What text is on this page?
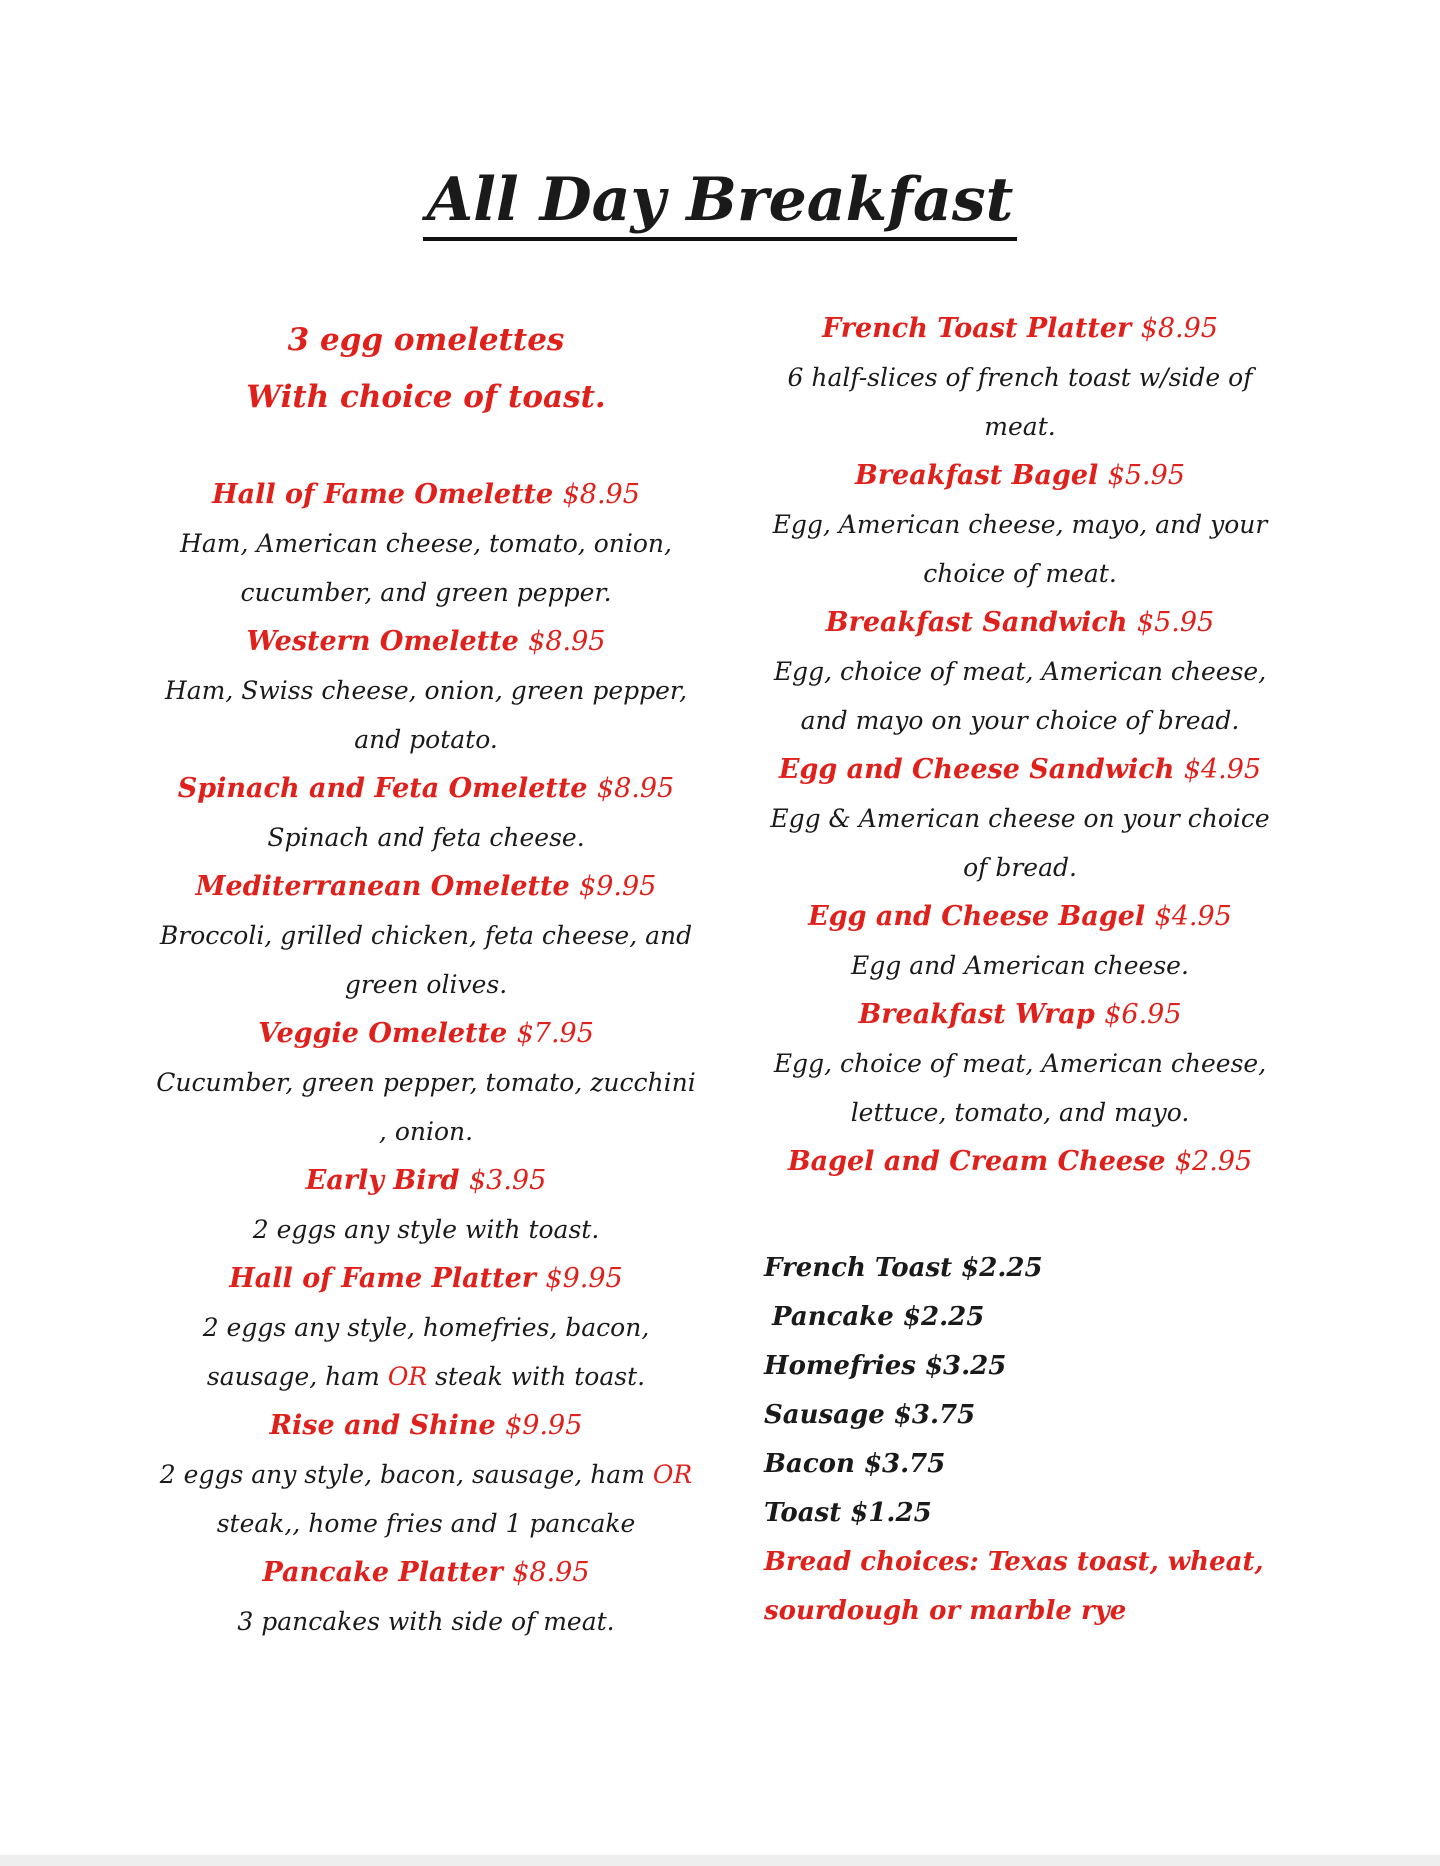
All Day Breakfast

3 egg omelettes

With choice of toast.

Hall of Fame Omelette $8.95

Ham, American cheese, tomato, onion, cucumber, and green pepper.

Western Omelette $8.95

Ham, Swiss cheese, onion, green pepper, and potato.

Spinach and Feta Omelette $8.95

Spinach and feta cheese.

Mediterranean Omelette $9.95

Broccoli, grilled chicken, feta cheese, and green olives.

Veggie Omelette $7.95

Cucumber, green pepper, tomato, zucchini , onion.

Early Bird $3.95

2 eggs any style with toast.

Hall of Fame Platter $9.95

2 eggs any style, homefries, bacon, sausage, ham OR steak with toast.

Rise and Shine $9.95

2 eggs any style, bacon, sausage, ham OR steak,, home fries and 1 pancake

Pancake Platter $8.95

3 pancakes with side of meat.

French Toast Platter $8.95

6 half-slices of french toast w/side of meat.

Breakfast Bagel $5.95

Egg, American cheese, mayo, and your choice of meat.

Breakfast Sandwich $5.95

Egg, choice of meat, American cheese, and mayo on your choice of bread.

Egg and Cheese Sandwich $4.95

Egg & American cheese on your choice of bread.

Egg and Cheese Bagel $4.95

Egg and American cheese.

Breakfast Wrap $6.95

Egg, choice of meat, American cheese, lettuce, tomato, and mayo.

Bagel and Cream Cheese $2.95

French Toast $2.25

Pancake $2.25

Homefries $3.25

Sausage $3.75

Bacon $3.75

Toast $1.25

Bread choices: Texas toast, wheat,

sourdough or marble rye
